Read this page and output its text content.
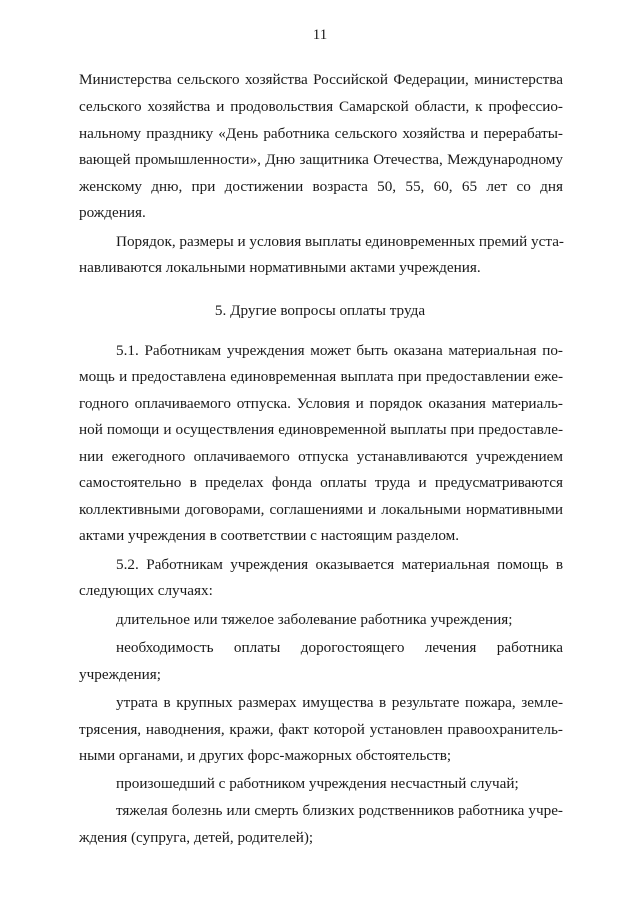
11
Министерства сельского хозяйства Российской Федерации, министерства
сельского хозяйства и продовольствия Самарской области, к профессио-
нальному празднику «День работника сельского хозяйства и перерабаты-
вающей промышленности», Дню защитника Отечества, Международному
женскому дню, при достижении возраста 50, 55, 60, 65 лет со дня
рождения.
Порядок, размеры и условия выплаты единовременных премий уста-
навливаются локальными нормативными актами учреждения.
5. Другие вопросы оплаты труда
5.1. Работникам учреждения может быть оказана материальная по-
мощь и предоставлена единовременная выплата при предоставлении еже-
годного оплачиваемого отпуска. Условия и порядок оказания материаль-
ной помощи и осуществления единовременной выплаты при предоставле-
нии ежегодного оплачиваемого отпуска устанавливаются учреждением
самостоятельно в пределах фонда оплаты труда и предусматриваются
коллективными договорами, соглашениями и локальными нормативными
актами учреждения в соответствии с настоящим разделом.
5.2. Работникам учреждения оказывается материальная помощь в
следующих случаях:
длительное или тяжелое заболевание работника учреждения;
необходимость оплаты дорогостоящего лечения работника
учреждения;
утрата в крупных размерах имущества в результате пожара, земле-
трясения, наводнения, кражи, факт которой установлен правоохранитель-
ными органами, и других форс-мажорных обстоятельств;
произошедший с работником учреждения несчастный случай;
тяжелая болезнь или смерть близких родственников работника учре-
ждения (супруга, детей, родителей);
